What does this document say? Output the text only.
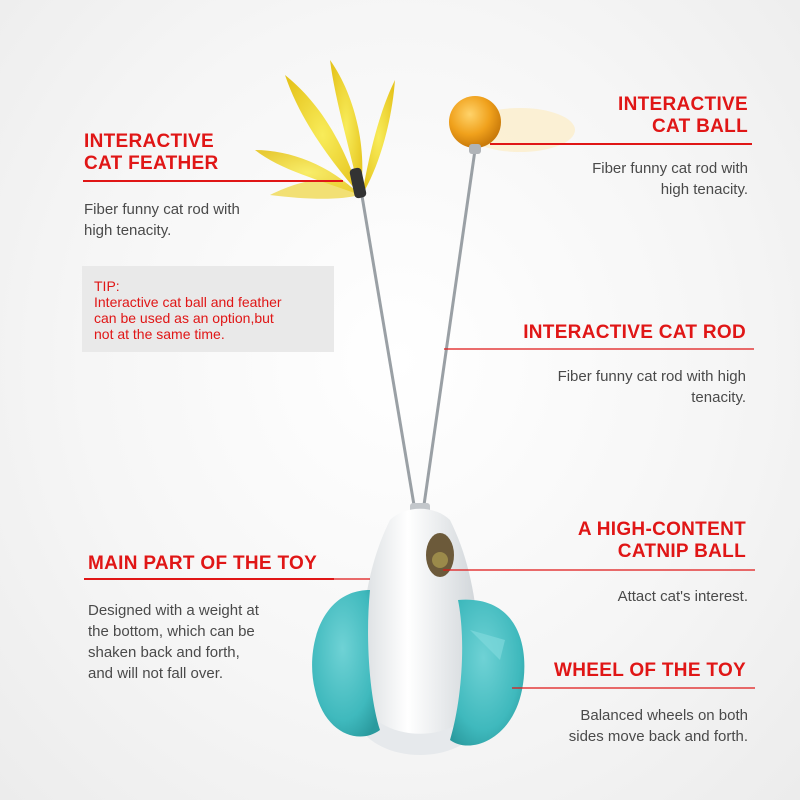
INTERACTIVE
CAT FEATHER
Fiber funny cat rod with
high tenacity.
INTERACTIVE
CAT BALL
Fiber funny cat rod with
high tenacity.
TIP:
Interactive cat ball and feather
can be used as an option,but
not at the same time.	INTERACTIVE CAT ROD
Fiber funny cat rod with high
tenacity.
A HIGH-CONTENT
CATNIP BALL
Attact cat's interest.
MAIN PART OF THE TOY
Designed with a weight at
the bottom, which can be
shaken back and forth,
and will not fall over.	WHEEL OF THE TOY
Balanced wheels on both
sides move back and forth.
